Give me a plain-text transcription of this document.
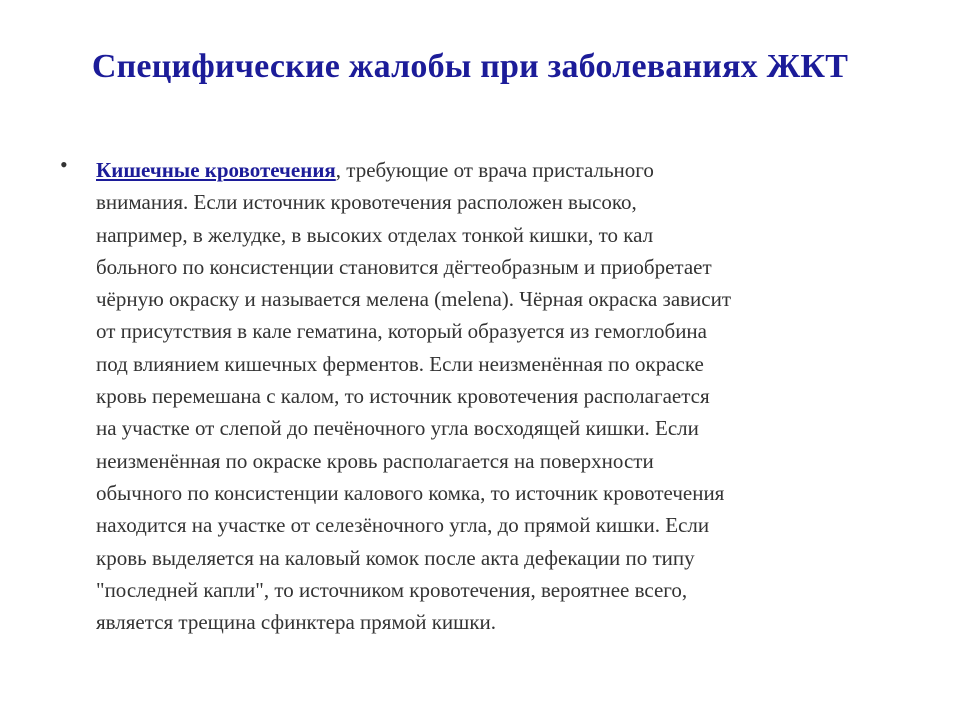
Специфические жалобы при заболеваниях ЖКТ
• Кишечные кровотечения, требующие от врача пристального
внимания. Если источник кровотечения расположен высоко,
например, в желудке, в высоких отделах тонкой кишки, то кал
больного по консистенции становится дёгтеобразным и приобретает
чёрную окраску и называется мелена (melena). Чёрная окраска зависит
от присутствия в кале гематина, который образуется из гемоглобина
под влиянием кишечных ферментов. Если неизменённая по окраске
кровь перемешана с калом, то источник кровотечения располагается
на участке от слепой до печёночного угла восходящей кишки. Если
неизменённая по окраске кровь располагается на поверхности
обычного по консистенции калового комка, то источник кровотечения
находится на участке от селезёночного угла, до прямой кишки. Если
кровь выделяется на каловый комок после акта дефекации по типу
"последней капли", то источником кровотечения, вероятнее всего,
является трещина сфинктера прямой кишки.
